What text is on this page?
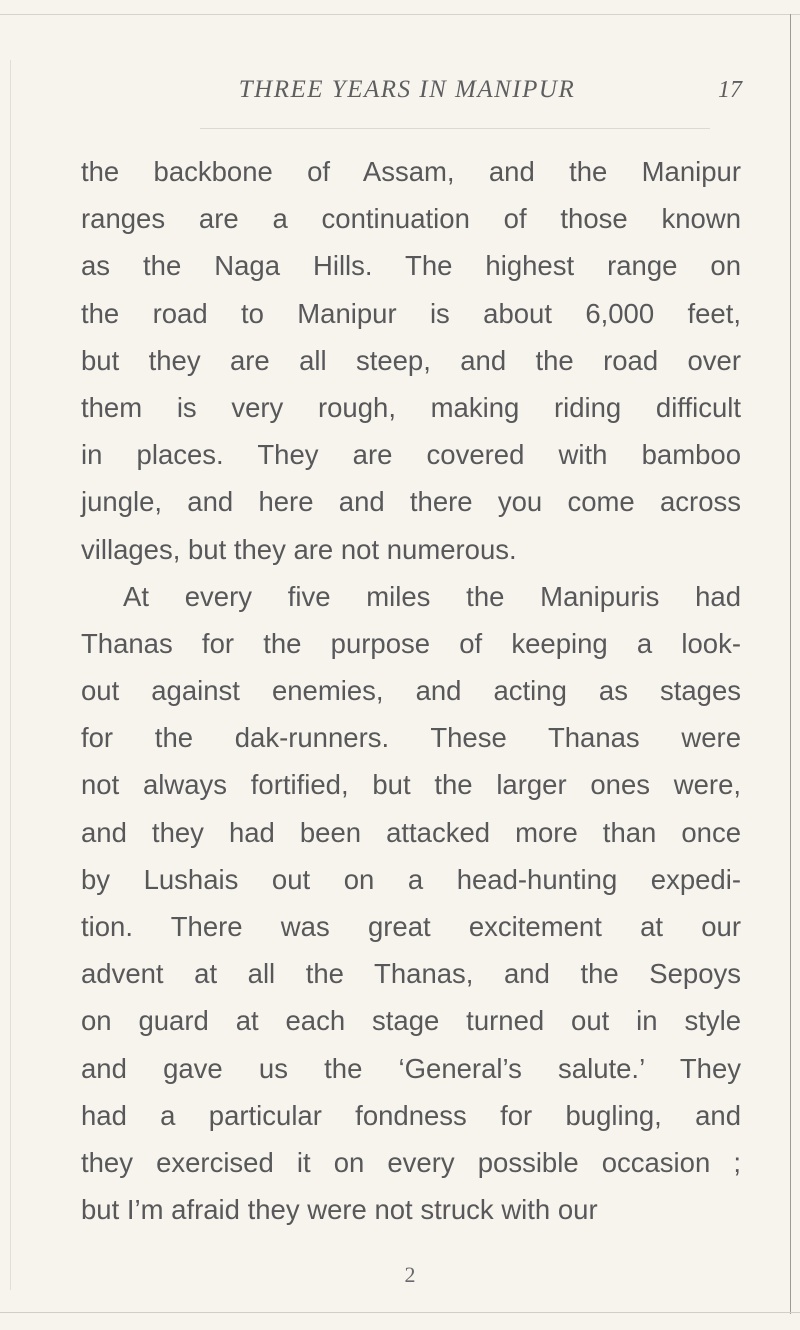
THREE YEARS IN MANIPUR	17
the backbone of Assam, and the Manipur
ranges are a continuation of those known
as the Naga Hills. The highest range on
the road to Manipur is about 6,000 feet,
but they are all steep, and the road over
them is very rough, making riding difficult
in places. They are covered with bamboo
jungle, and here and there you come across
villages, but they are not numerous.
At every five miles the Manipuris had
Thanas for the purpose of keeping a look-
out against enemies, and acting as stages
for the dak-runners. These Thanas were
not always fortified, but the larger ones were,
and they had been attacked more than once
by Lushais out on a head-hunting expedi-
tion. There was great excitement at our
advent at all the Thanas, and the Sepoys
on guard at each stage turned out in style
and gave us the ‘General’s salute.’ They
had a particular fondness for bugling, and
they exercised it on every possible occasion ;
but I’m afraid they were not struck with our
2
